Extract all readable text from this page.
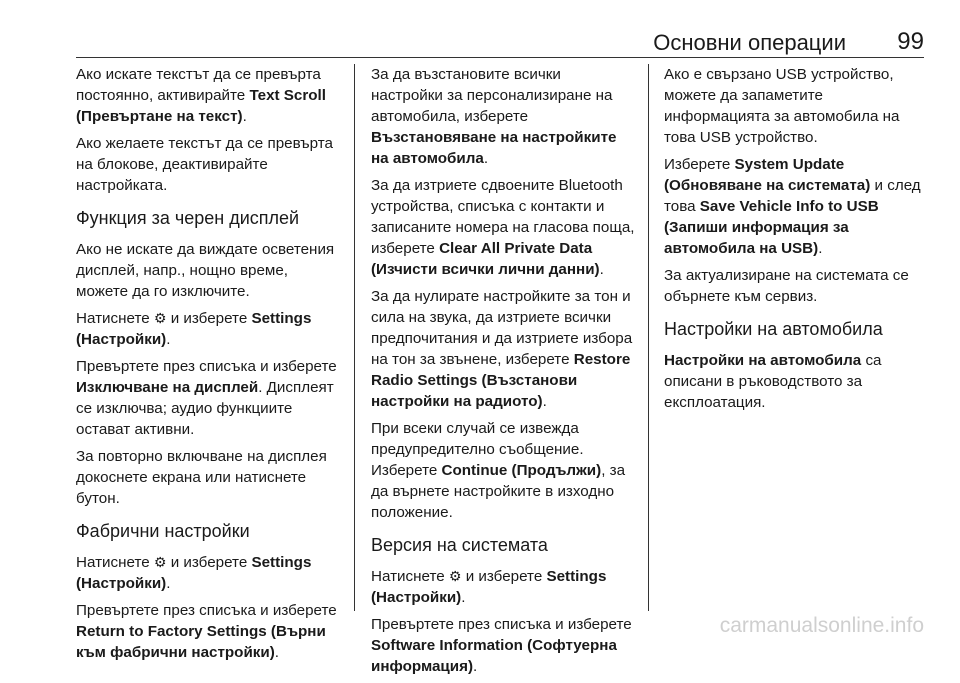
Основни операции 99

Ако искате текстът да се превърта постоянно, активирайте Text Scroll (Превъртане на текст).

Ако желаете текстът да се превърта на блокове, деактивирайте настройката.

Функция за черен дисплей

Ако не искате да виждате осветения дисплей, напр., нощно време, можете да го изключите.

Натиснете ⚙ и изберете Settings (Настройки).

Превъртете през списъка и изберете Изключване на дисплей. Дисплеят се изключва; аудио функциите остават активни.

За повторно включване на дисплея докоснете екрана или натиснете бутон.

Фабрични настройки

Натиснете ⚙ и изберете Settings (Настройки).

Превъртете през списъка и изберете Return to Factory Settings (Върни към фабрични настройки).

За да възстановите всички настройки за персонализиране на автомобила, изберете Възстановяване на настройките на автомобила.

За да изтриете сдвоените Bluetooth устройства, списъка с контакти и записаните номера на гласова поща, изберете Clear All Private Data (Изчисти всички лични данни).

За да нулирате настройките за тон и сила на звука, да изтриете всички предпочитания и да изтриете избора на тон за звънене, изберете Restore Radio Settings (Възстанови настройки на радиото).

При всеки случай се извежда предупредително съобщение. Изберете Continue (Продължи), за да върнете настройките в изходно положение.

Версия на системата

Натиснете ⚙ и изберете Settings (Настройки).

Превъртете през списъка и изберете Software Information (Софтуерна информация).

Ако е свързано USB устройство, можете да запаметите информацията за автомобила на това USB устройство.

Изберете System Update (Обновяване на системата) и след това Save Vehicle Info to USB (Запиши информация за автомобила на USB).

За актуализиране на системата се обърнете към сервиз.

Настройки на автомобила

Настройки на автомобила са описани в ръководството за експлоатация.

carmanualsonline.info
